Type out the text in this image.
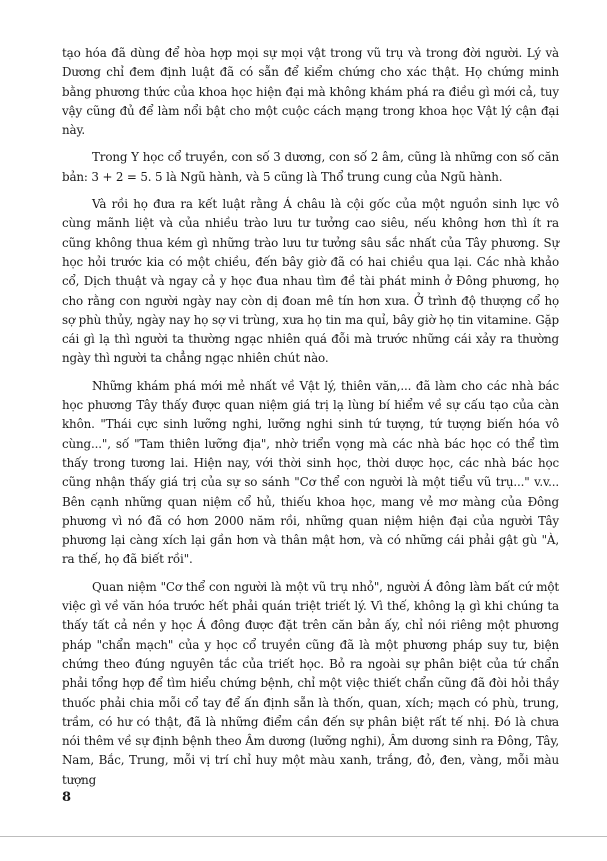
tạo hóa đã dùng để hòa hợp mọi sự mọi vật trong vũ trụ và trong đời người. Lý và Dương chỉ đem định luật đã có sẵn để kiểm chứng cho xác thật. Họ chứng minh bằng phương thức của khoa học hiện đại mà không khám phá ra điều gì mới cả, tuy vậy cũng đủ để làm nổi bật cho một cuộc cách mạng trong khoa học Vật lý cận đại này.

Trong Y học cổ truyền, con số 3 dương, con số 2 âm, cũng là những con số căn bản: 3 + 2 = 5. 5 là Ngũ hành, và 5 cũng là Thổ trung cung của Ngũ hành.

Và rồi họ đưa ra kết luật rằng Á châu là cội gốc của một nguồn sinh lực vô cùng mãnh liệt và của nhiều trào lưu tư tưởng cao siêu, nếu không hơn thì ít ra cũng không thua kém gì những trào lưu tư tưởng sâu sắc nhất của Tây phương. Sự học hỏi trước kia có một chiều, đến bây giờ đã có hai chiều qua lại. Các nhà khảo cổ, Dịch thuật và ngay cả y học đua nhau tìm đề tài phát minh ở Đông phương, họ cho rằng con người ngày nay còn dị đoan mê tín hơn xưa. Ở trình độ thượng cổ họ sợ phù thủy, ngày nay họ sợ vi trùng, xưa họ tin ma quỉ, bây giờ họ tin vitamine. Gặp cái gì lạ thì người ta thường ngạc nhiên quá đỗi mà trước những cái xảy ra thường ngày thì người ta chẳng ngạc nhiên chút nào.

Những khám phá mới mẻ nhất về Vật lý, thiên văn,... đã làm cho các nhà bác học phương Tây thấy được quan niệm giá trị lạ lùng bí hiểm về sự cấu tạo của càn khôn. "Thái cực sinh lưỡng nghi, lưỡng nghi sinh tứ tượng, tứ tượng biến hóa vô cùng...", số "Tam thiên lưỡng địa", nhờ triển vọng mà các nhà bác học có thể tìm thấy trong tương lai. Hiện nay, với thời sinh học, thời dược học, các nhà bác học cũng nhận thấy giá trị của sự so sánh "Cơ thể con người là một tiểu vũ trụ..." v.v... Bên cạnh những quan niệm cổ hủ, thiếu khoa học, mang vẻ mơ màng của Đông phương vì nó đã có hơn 2000 năm rồi, những quan niệm hiện đại của người Tây phương lại càng xích lại gần hơn và thân mật hơn, và có những cái phải gật gù "À, ra thế, họ đã biết rồi".

Quan niệm "Cơ thể con người là một vũ trụ nhỏ", người Á đông làm bất cứ một việc gì về văn hóa trước hết phải quán triệt triết lý. Vì thế, không lạ gì khi chúng ta thấy tất cả nền y học Á đông được đặt trên căn bản ấy, chỉ nói riêng một phương pháp "chẩn mạch" của y học cổ truyền cũng đã là một phương pháp suy tư, biện chứng theo đúng nguyên tắc của triết học. Bỏ ra ngoài sự phân biệt của tứ chẩn phải tổng hợp để tìm hiểu chứng bệnh, chỉ một việc thiết chẩn cũng đã đòi hỏi thầy thuốc phải chia mỗi cổ tay để ấn định sẵn là thốn, quan, xích; mạch có phù, trung, trầm, có hư có thật, đã là những điểm cần đến sự phân biệt rất tế nhị. Đó là chưa nói thêm về sự định bệnh theo Âm dương (lưỡng nghi), Âm dương sinh ra Đông, Tây, Nam, Bắc, Trung, mỗi vị trí chỉ huy một màu xanh, trắng, đỏ, đen, vàng, mỗi màu tượng

8
